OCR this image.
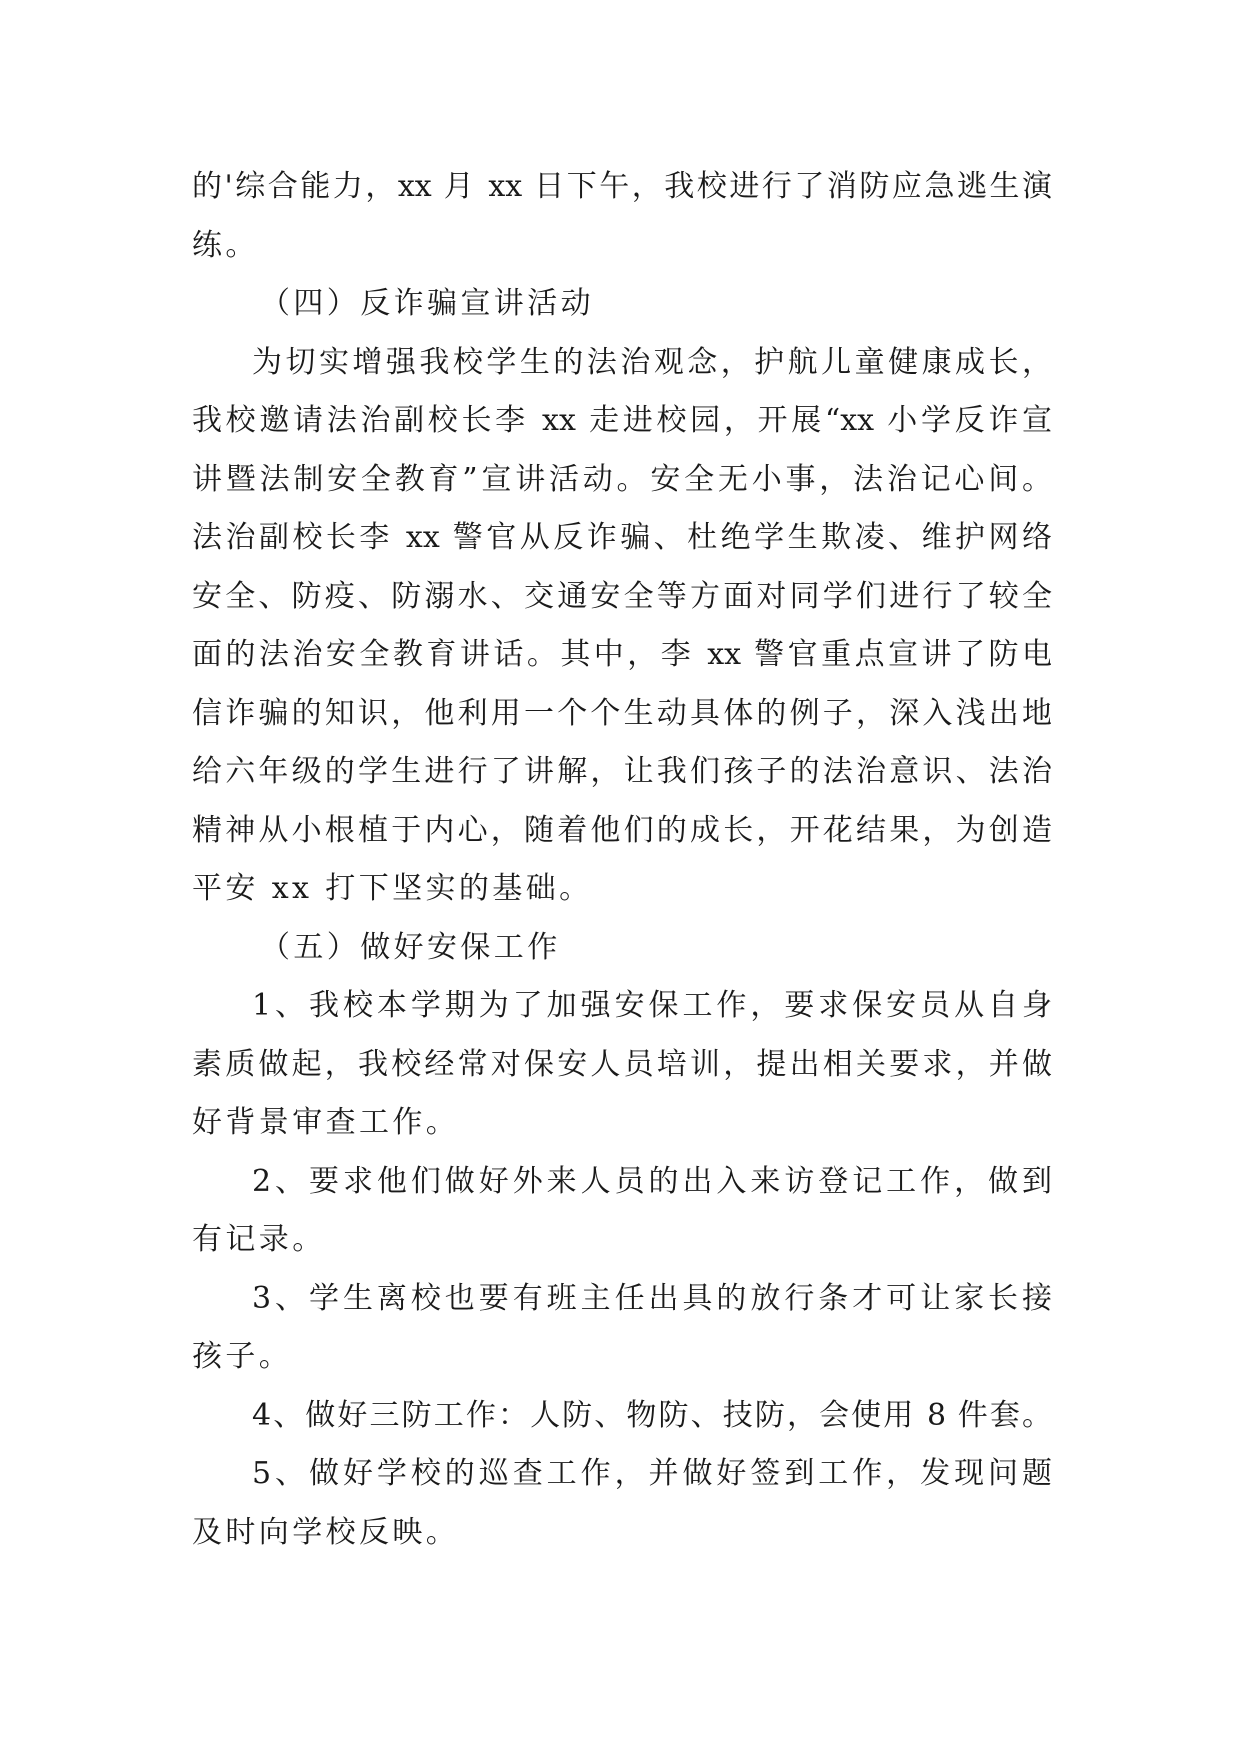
的'综合能力，xx 月 xx 日下午，我校进行了消防应急逃生演
练。
（四）反诈骗宣讲活动
为切实增强我校学生的法治观念，护航儿童健康成长，
我校邀请法治副校长李 xx 走进校园，开展“xx 小学反诈宣
讲暨法制安全教育”宣讲活动。安全无小事，法治记心间。
法治副校长李 xx 警官从反诈骗、杜绝学生欺凌、维护网络
安全、防疫、防溺水、交通安全等方面对同学们进行了较全
面的法治安全教育讲话。其中，李 xx 警官重点宣讲了防电
信诈骗的知识，他利用一个个生动具体的例子，深入浅出地
给六年级的学生进行了讲解，让我们孩子的法治意识、法治
精神从小根植于内心，随着他们的成长，开花结果，为创造
平安 xx 打下坚实的基础。
（五）做好安保工作
1、我校本学期为了加强安保工作，要求保安员从自身
素质做起，我校经常对保安人员培训，提出相关要求，并做
好背景审查工作。
2、要求他们做好外来人员的出入来访登记工作，做到
有记录。
3、学生离校也要有班主任出具的放行条才可让家长接
孩子。
4、做好三防工作：人防、物防、技防，会使用 8 件套。
5、做好学校的巡查工作，并做好签到工作，发现问题
及时向学校反映。
